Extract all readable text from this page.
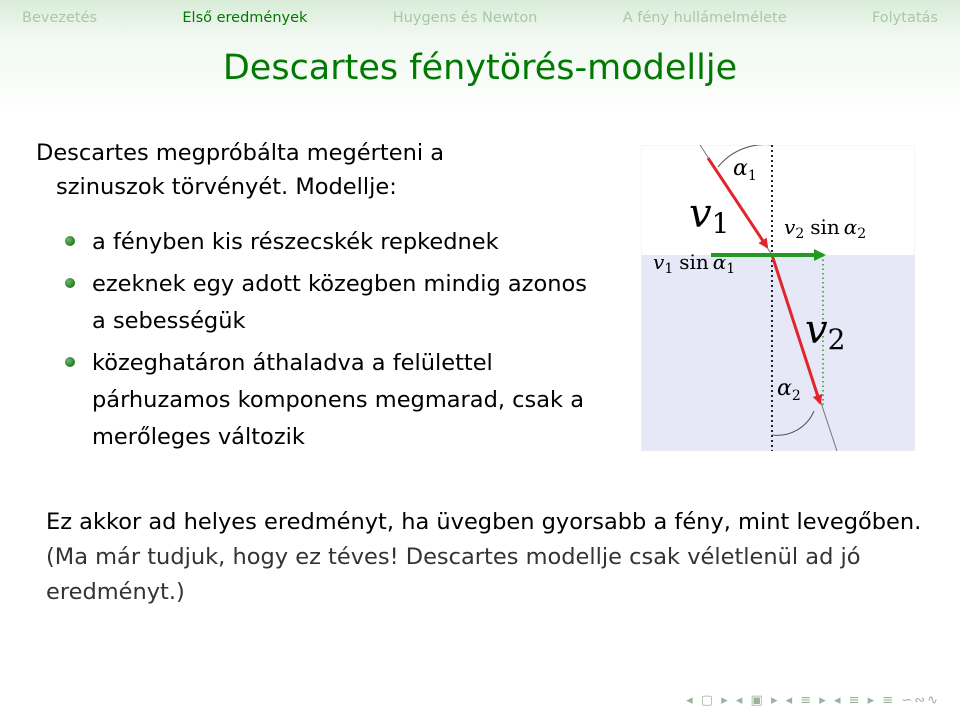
Bevezetés	Első eredmények	Huygens és Newton	A fény hullámelmélete	Folytatás
Descartes fénytörés-modellje
Descartes megpróbálta megérteni a
szinuszok törvényét. Modellje:
a fényben kis részecskék repkednek
ezeknek egy adott közegben mindig azonos a sebességük
közeghatáron áthaladva a felülettel párhuzamos komponens megmarad, csak a merőleges változik
$\alpha_1$
v1
$v_1$ $\sin \alpha_1$
$v_2$ $\sin \alpha_2$
v2
$\alpha_2$
Ez akkor ad helyes eredményt, ha üvegben gyorsabb a fény, mint levegőben.
(Ma már tudjuk, hogy ez téves! Descartes modellje csak véletlenül ad jó eredményt.)
◂ ▢ ▸ ◂ ▣ ▸ ◂ ≡ ▸ ◂ ≡ ▸ ≡ ∽∾∿
